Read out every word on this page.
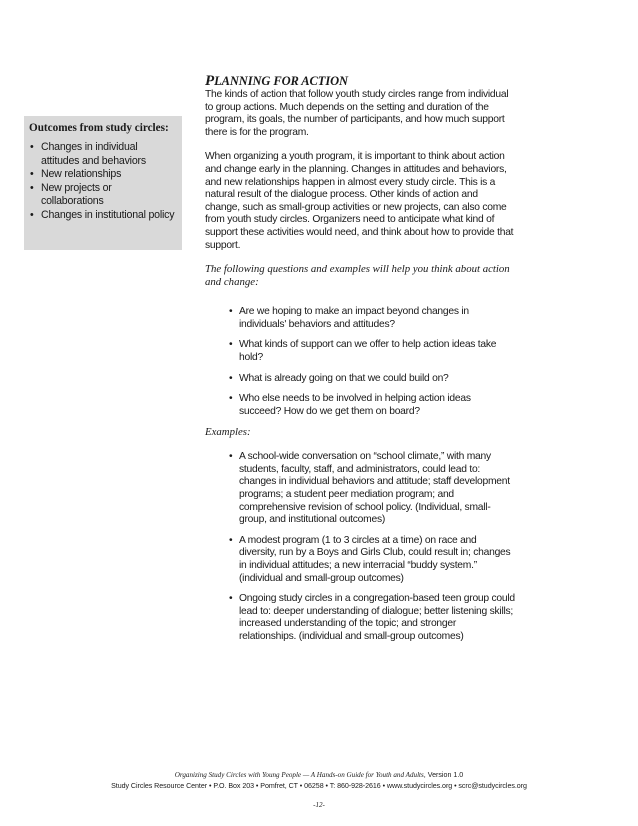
Outcomes from study circles:
• Changes in individual attitudes and behaviors
• New relationships
• New projects or collaborations
• Changes in institutional policy
PLANNING FOR ACTION

The kinds of action that follow youth study circles range from individual to group actions. Much depends on the setting and duration of the program, its goals, the number of participants, and how much support there is for the program.

When organizing a youth program, it is important to think about action and change early in the planning. Changes in attitudes and behaviors, and new relationships happen in almost every study circle. This is a natural result of the dialogue process. Other kinds of action and change, such as small-group activities or new projects, can also come from youth study circles. Organizers need to anticipate what kind of support these activities would need, and think about how to provide that support.

The following questions and examples will help you think about action and change:

• Are we hoping to make an impact beyond changes in individuals' behaviors and attitudes?
• What kinds of support can we offer to help action ideas take hold?
• What is already going on that we could build on?
• Who else needs to be involved in helping action ideas succeed? How do we get them on board?
Examples:
• A school-wide conversation on “school climate,” with many students, faculty, staff, and administrators, could lead to: changes in individual behaviors and attitude; staff development programs; a student peer mediation program; and comprehensive revision of school policy. (Individual, small-group, and institutional outcomes)
• A modest program (1 to 3 circles at a time) on race and diversity, run by a Boys and Girls Club, could result in; changes in individual attitudes; a new interracial “buddy system.” (individual and small-group outcomes)
• Ongoing study circles in a congregation-based teen group could lead to: deeper understanding of dialogue; better listening skills; increased understanding of the topic; and stronger relationships. (individual and small-group outcomes)
Organizing Study Circles with Young People — A Hands-on Guide for Youth and Adults, Version 1.0
Study Circles Resource Center • P.O. Box 203 • Pomfret, CT • 06258 • T: 860-928-2616 • www.studycircles.org • scrc@studycircles.org
-12-
